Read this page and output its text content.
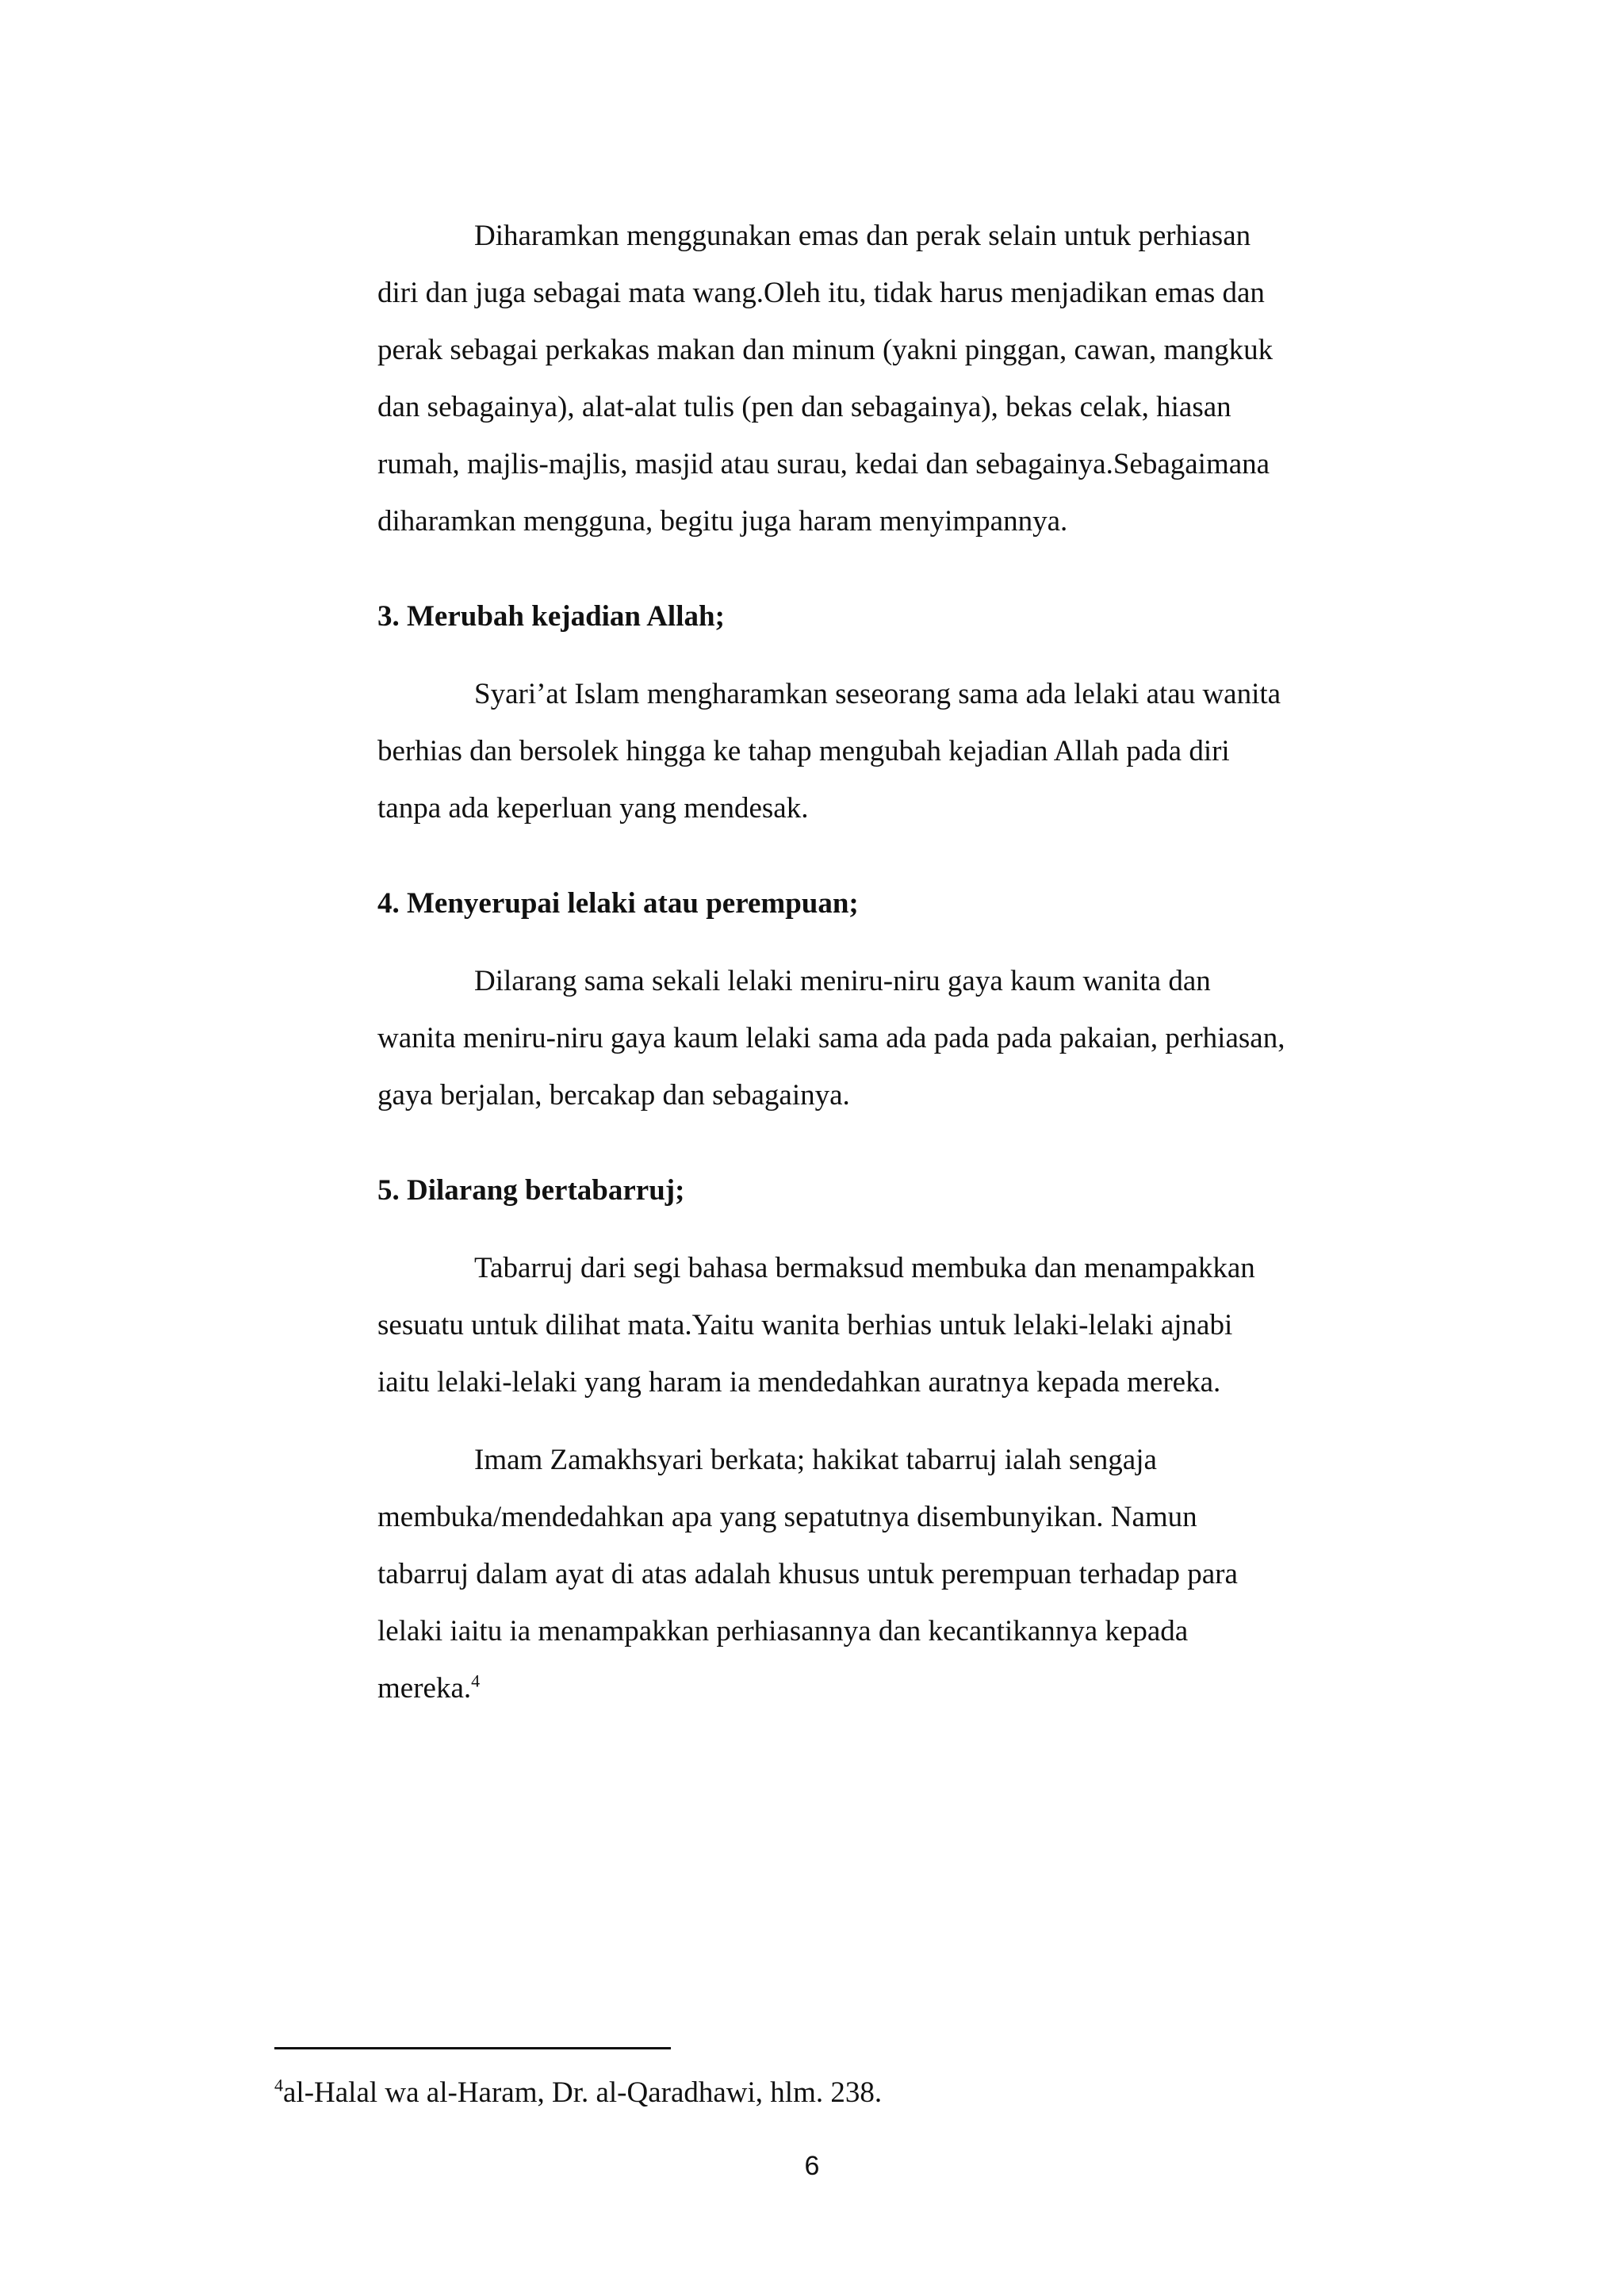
Diharamkan menggunakan emas dan perak selain untuk perhiasan
diri dan juga sebagai mata wang.Oleh itu, tidak harus menjadikan emas dan
perak sebagai perkakas makan dan minum (yakni pinggan, cawan, mangkuk
dan sebagainya), alat-alat tulis (pen dan sebagainya), bekas celak, hiasan
rumah, majlis-majlis, masjid atau surau, kedai dan sebagainya.Sebagaimana
diharamkan mengguna, begitu juga haram menyimpannya.

3. Merubah kejadian Allah;

Syari’at Islam mengharamkan seseorang sama ada lelaki atau wanita
berhias dan bersolek hingga ke tahap mengubah kejadian Allah pada diri
tanpa ada keperluan yang mendesak.

4. Menyerupai lelaki atau perempuan;

Dilarang sama sekali lelaki meniru-niru gaya kaum wanita dan
wanita meniru-niru gaya kaum lelaki sama ada pada pada pakaian, perhiasan,
gaya berjalan, bercakap dan sebagainya.

5. Dilarang bertabarruj;

Tabarruj dari segi bahasa bermaksud membuka dan menampakkan
sesuatu untuk dilihat mata.Yaitu wanita berhias untuk lelaki-lelaki ajnabi
iaitu lelaki-lelaki yang haram ia mendedahkan auratnya kepada mereka.

Imam Zamakhsyari berkata; hakikat tabarruj ialah sengaja
membuka/mendedahkan apa yang sepatutnya disembunyikan. Namun
tabarruj dalam ayat di atas adalah khusus untuk perempuan terhadap para
lelaki iaitu ia menampakkan perhiasannya dan kecantikannya kepada
mereka.$^4$

$^4$al-Halal wa al-Haram, Dr. al-Qaradhawi, hlm. 238.
6
